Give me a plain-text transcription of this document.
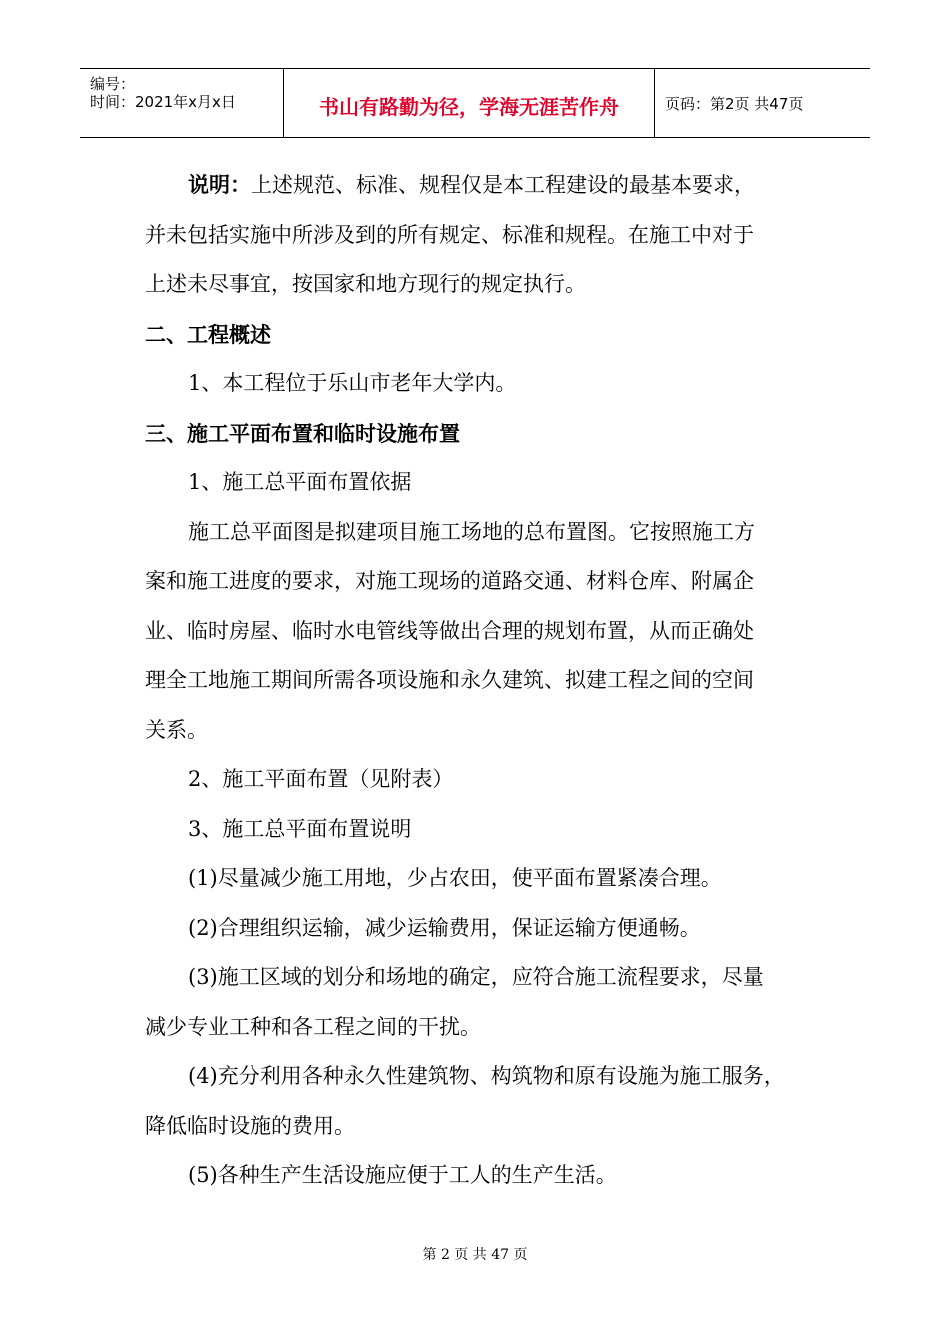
编号：
时间：2021年x月x日	书山有路勤为径，学海无涯苦作舟	页码：第2页 共47页
说明：上述规范、标准、规程仅是本工程建设的最基本要求，
并未包括实施中所涉及到的所有规定、标准和规程。在施工中对于
上述未尽事宜，按国家和地方现行的规定执行。
二、工程概述
1、本工程位于乐山市老年大学内。
三、施工平面布置和临时设施布置
1、施工总平面布置依据
施工总平面图是拟建项目施工场地的总布置图。它按照施工方
案和施工进度的要求，对施工现场的道路交通、材料仓库、附属企
业、临时房屋、临时水电管线等做出合理的规划布置，从而正确处
理全工地施工期间所需各项设施和永久建筑、拟建工程之间的空间
关系。
2、施工平面布置（见附表）
3、施工总平面布置说明
(1)尽量减少施工用地，少占农田，使平面布置紧凑合理。
(2)合理组织运输，减少运输费用，保证运输方便通畅。
(3)施工区域的划分和场地的确定，应符合施工流程要求，尽量
减少专业工种和各工程之间的干扰。
(4)充分利用各种永久性建筑物、构筑物和原有设施为施工服务，
降低临时设施的费用。
(5)各种生产生活设施应便于工人的生产生活。
第 2 页 共 47 页
